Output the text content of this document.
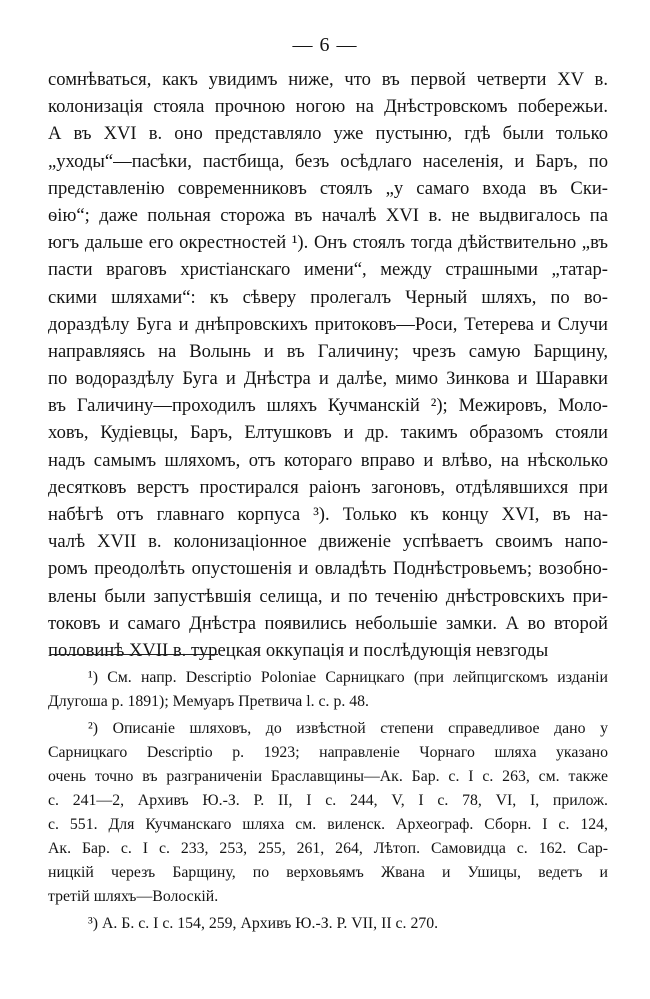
— 6 —
сомнѣваться, какъ увидимъ ниже, что въ первой четверти XV в.
колонизація стояла прочною ногою на Днѣстровскомъ побережьи.
А въ XVI в. оно представляло уже пустыню, гдѣ были только
„уходы“—пасѣки, пастбища, безъ осѣдлаго населенія, и Баръ, по
представленію современниковъ стоялъ „у самаго входа въ Ски-
ѳію“; даже польная сторожа въ началѣ XVI в. не выдвигалось па
югъ дальше его окрестностей ¹). Онъ стоялъ тогда дѣйствительно „въ
пасти враговъ христіанскаго имени“, между страшными „татар-
скими шляхами“: къ сѣверу пролегалъ Черный шляхъ, по во-
дораздѣлу Буга и днѣпровскихъ притоковъ—Роси, Тетерева и Случи
направляясь на Волынь и въ Галичину; чрезъ самую Барщину,
по водораздѣлу Буга и Днѣстра и далѣе, мимо Зинкова и Шаравки
въ Галичину—проходилъ шляхъ Кучманскій ²); Межировъ, Моло-
ховъ, Кудіевцы, Баръ, Елтушковъ и др. такимъ образомъ стояли
надъ самымъ шляхомъ, отъ котораго вправо и влѣво, на нѣсколько
десятковъ верстъ простирался раіонъ загоновъ, отдѣлявшихся при
набѣгѣ отъ главнаго корпуса ³). Только къ концу XVI, въ на-
чалѣ XVII в. колонизаціонное движеніе успѣваетъ своимъ напо-
ромъ преодолѣть опустошенія и овладѣть Поднѣстровьемъ; возобно-
влены были запустѣвшія селища, и по теченію днѣстровскихъ при-
токовъ и самаго Днѣстра появились небольшіе замки. А во второй
половинѣ XVII в. турецкая оккупація и послѣдующія невзгоды
¹) См. напр. Descriptio Poloniae Сарницкаго (при лейпцигскомъ изданіи
Длугоша р. 1891); Мемуаръ Претвича l. c. р. 48.
²) Описаніе шляховъ, до извѣстной степени справедливое дано у
Сарницкаго Descriptio р. 1923; направленіе Чорнаго шляха указано
очень точно въ разграниченіи Браславщины—Ак. Бар. с. I с. 263, см. также
с. 241—2, Архивъ Ю.-З. Р. II, I с. 244, V, I с. 78, VI, I, прилож.
с. 551. Для Кучманскаго шляха см. виленск. Археограф. Сборн. I с. 124,
Ак. Бар. с. I с. 233, 253, 255, 261, 264, Лѣтоп. Самовидца с. 162. Сар-
ницкій черезъ Барщину, по верховьямъ Жвана и Ушицы, ведетъ и
третій шляхъ—Волоскій.
³) А. Б. с. I с. 154, 259, Архивъ Ю.-З. Р. VII, II с. 270.
